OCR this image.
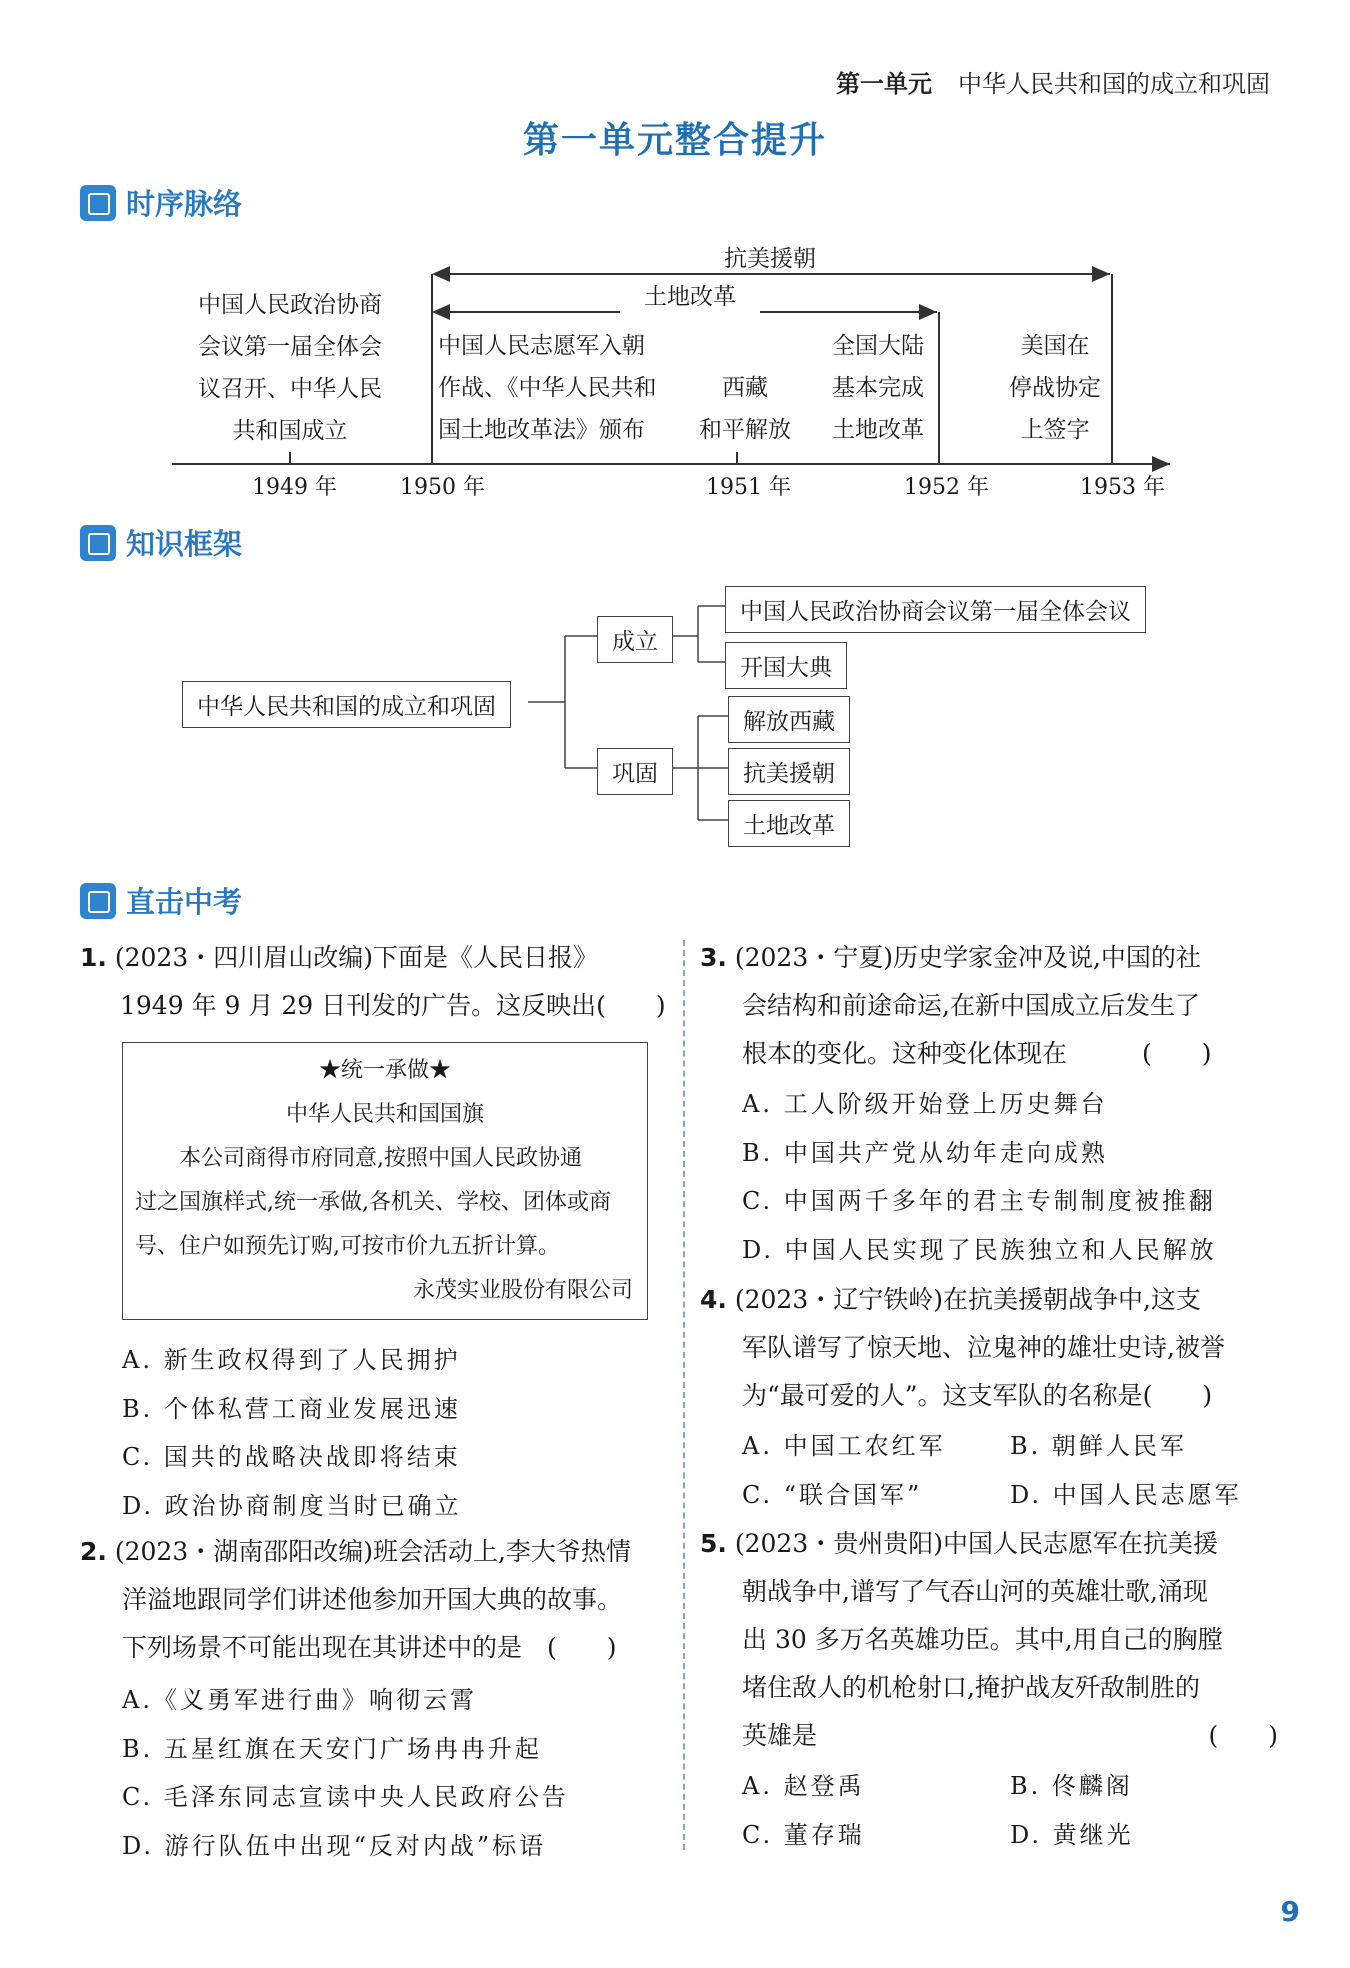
第一单元 中华人民共和国的成立和巩固
第一单元整合提升
时序脉络
抗美援朝
土地改革
中国人民政治协商
会议第一届全体会
议召开、中华人民
共和国成立
中国人民志愿军入朝
作战、《中华人民共和
国土地改革法》颁布
西藏
和平解放
全国大陆
基本完成
土地改革
美国在
停战协定
上签字
1949 年	1950 年	1951 年	1952 年	1953 年
知识框架
中华人民共和国的成立和巩固
成立
巩固
中国人民政治协商会议第一届全体会议
开国大典
解放西藏
抗美援朝
土地改革
直击中考
1. (2023・四川眉山改编)下面是《人民日报》
1949 年 9 月 29 日刊发的广告。这反映出(　　)
★统一承做★
中华人民共和国国旗
本公司商得市府同意,按照中国人民政协通
过之国旗样式,统一承做,各机关、学校、团体或商
号、住户如预先订购,可按市价九五折计算。
永茂实业股份有限公司
A. 新生政权得到了人民拥护
B. 个体私营工商业发展迅速
C. 国共的战略决战即将结束
D. 政治协商制度当时已确立
2. (2023・湖南邵阳改编)班会活动上,李大爷热情
洋溢地跟同学们讲述他参加开国大典的故事。
下列场景不可能出现在其讲述中的是　(　　)
A.《义勇军进行曲》响彻云霄
B. 五星红旗在天安门广场冉冉升起
C. 毛泽东同志宣读中央人民政府公告
D. 游行队伍中出现“反对内战”标语
3. (2023・宁夏)历史学家金冲及说,中国的社
会结构和前途命运,在新中国成立后发生了
根本的变化。这种变化体现在　　　(　　)
A. 工人阶级开始登上历史舞台
B. 中国共产党从幼年走向成熟
C. 中国两千多年的君主专制制度被推翻
D. 中国人民实现了民族独立和人民解放
4. (2023・辽宁铁岭)在抗美援朝战争中,这支
军队谱写了惊天地、泣鬼神的雄壮史诗,被誉
为“最可爱的人”。这支军队的名称是(　　)
A. 中国工农红军	B. 朝鲜人民军
C. “联合国军”	D. 中国人民志愿军
5. (2023・贵州贵阳)中国人民志愿军在抗美援
朝战争中,谱写了气吞山河的英雄壮歌,涌现
出 30 多万名英雄功臣。其中,用自己的胸膛
堵住敌人的机枪射口,掩护战友歼敌制胜的
英雄是	(　　)
A. 赵登禹	B. 佟麟阁
C. 董存瑞	D. 黄继光
9
